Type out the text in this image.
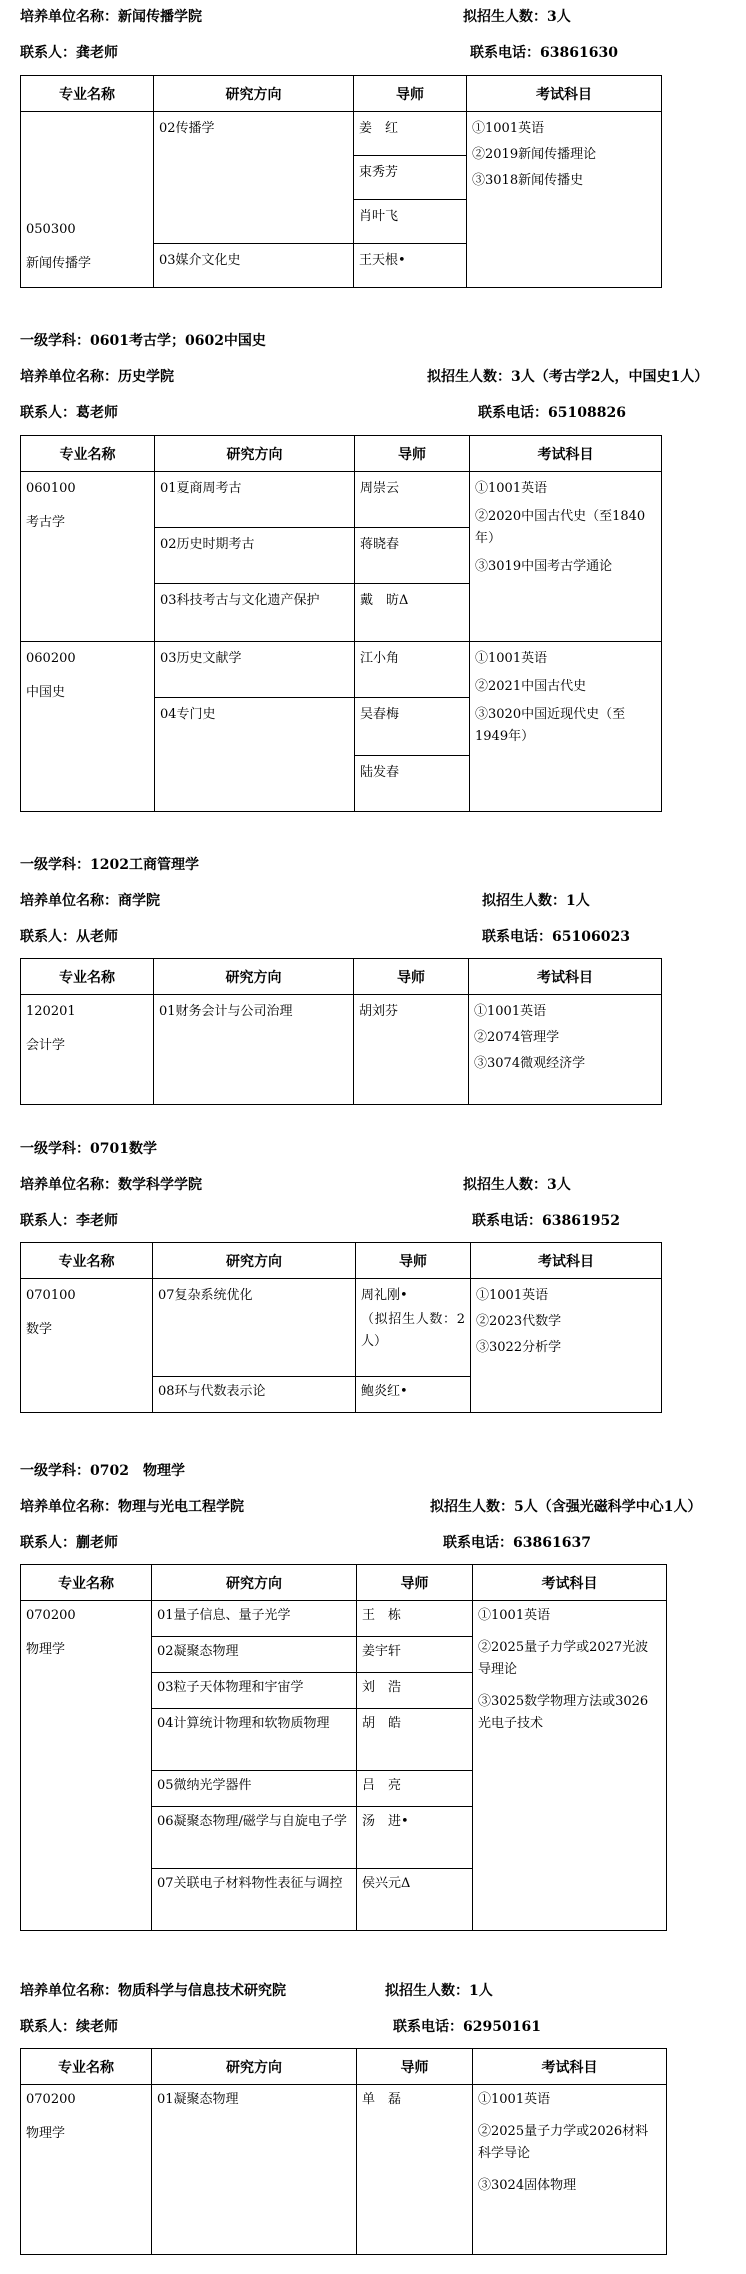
培养单位名称：新闻传播学院	拟招生人数：3人
联系人：龚老师	联系电话：63861630
专业名称	研究方向	导师	考试科目

050300
新闻传播学	02传播学	姜　红	①1001英语
②2019新闻传播理论
③3018新闻传播史

		束秀芳	

		肖叶飞	

	03媒介文化史	王天根•	
一级学科：0601考古学；0602中国史
培养单位名称：历史学院	拟招生人数：3人（考古学2人，中国史1人）
联系人：葛老师	联系电话：65108826
专业名称	研究方向	导师	考试科目

060100
考古学	01夏商周考古	周崇云	①1001英语
②2020中国古代史（至1840年）
③3019中国考古学通论

	02历史时期考古	蒋晓春	

	03科技考古与文化遗产保护	戴　昉Δ	

060200
中国史	03历史文献学	江小角	①1001英语
②2021中国古代史
③3020中国近现代史（至1949年）

	04专门史	吴春梅	

		陆发春	
一级学科：1202工商管理学
培养单位名称：商学院	拟招生人数：1人
联系人：从老师	联系电话：65106023
专业名称	研究方向	导师	考试科目

120201
会计学	01财务会计与公司治理	胡刘芬	①1001英语
②2074管理学
③3074微观经济学
一级学科：0701数学
培养单位名称：数学科学学院	拟招生人数：3人
联系人：李老师	联系电话：63861952
专业名称	研究方向	导师	考试科目

070100
数学	07复杂系统优化	周礼刚•
（拟招生人数：2人）	①1001英语
②2023代数学
③3022分析学

	08环与代数表示论	鲍炎红•	
一级学科：0702　物理学
培养单位名称：物理与光电工程学院	拟招生人数：5人（含强光磁科学中心1人）
联系人：蒯老师	联系电话：63861637
专业名称	研究方向	导师	考试科目

070200
物理学	01量子信息、量子光学	王　栋	①1001英语
②2025量子力学或2027光波导理论
③3025数学物理方法或3026光电子技术

	02凝聚态物理	姜宇轩	

	03粒子天体物理和宇宙学	刘　浩	

	04计算统计物理和软物质物理	胡　皓	

	05微纳光学器件	吕　亮	

	06凝聚态物理/磁学与自旋电子学	汤　进•	

	07关联电子材料物性表征与调控	侯兴元Δ	
培养单位名称：物质科学与信息技术研究院	拟招生人数：1人
联系人：续老师	联系电话：62950161
专业名称	研究方向	导师	考试科目

070200
物理学	01凝聚态物理	单　磊	①1001英语
②2025量子力学或2026材料科学导论
③3024固体物理
